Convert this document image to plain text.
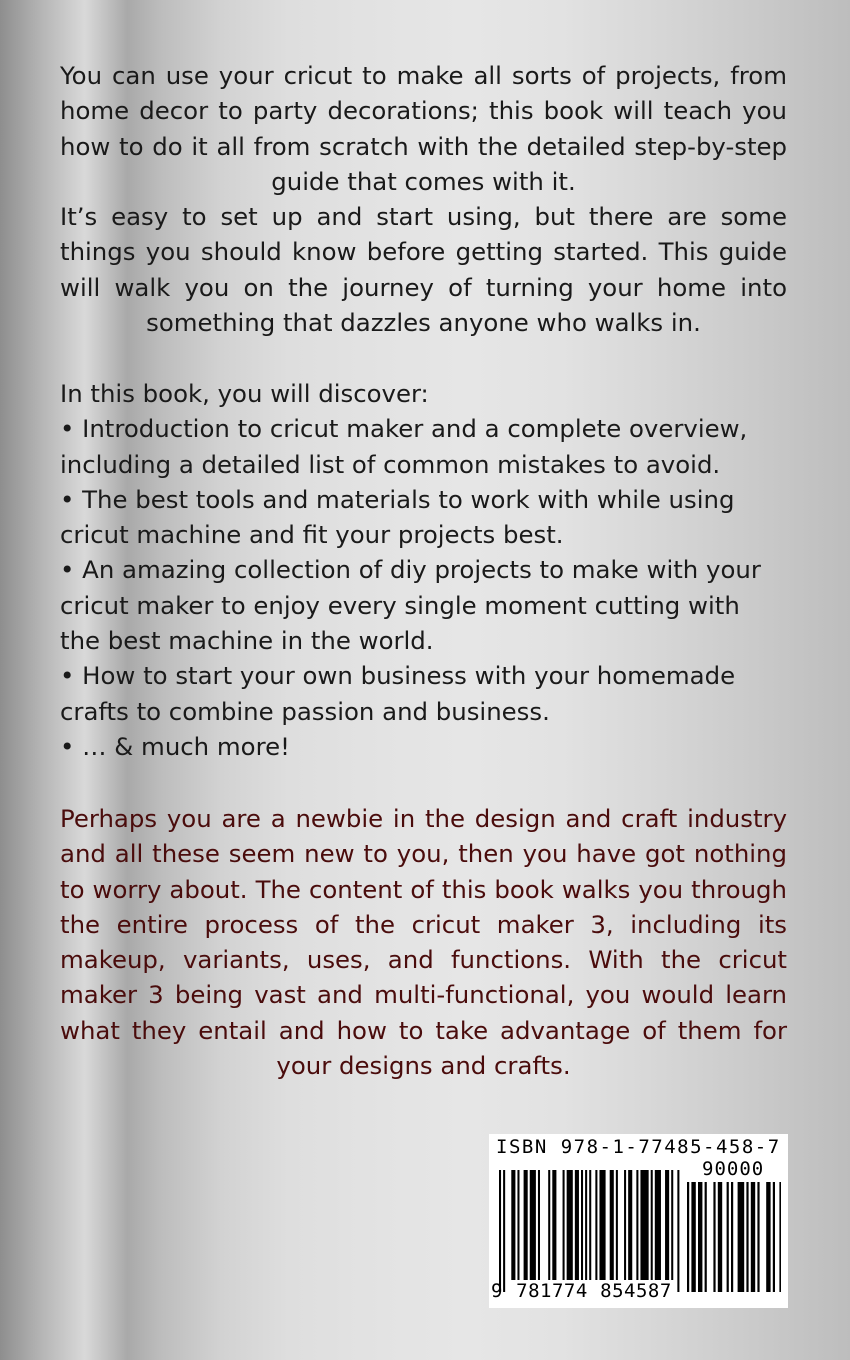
You can use your cricut to make all sorts of projects, from home decor to party decorations; this book will teach you how to do it all from scratch with the detailed step-by-step guide that comes with it.

It’s easy to set up and start using, but there are some things you should know before getting started. This guide will walk you on the journey of turning your home into something that dazzles anyone who walks in.

In this book, you will discover:

• Introduction to cricut maker and a complete overview, including a detailed list of common mistakes to avoid.

• The best tools and materials to work with while using cricut machine and fit your projects best.

• An amazing collection of diy projects to make with your cricut maker to enjoy every single moment cutting with the best machine in the world.

• How to start your own business with your homemade crafts to combine passion and business.

• … & much more!

Perhaps you are a newbie in the design and craft industry and all these seem new to you, then you have got nothing to worry about. The content of this book walks you through the entire process of the cricut maker 3, including its makeup, variants, uses, and functions. With the cricut maker 3 being vast and multi-functional, you would learn what they entail and how to take advantage of them for your designs and crafts.

ISBN 978-1-77485-458-7
90000
9 781774 854587
